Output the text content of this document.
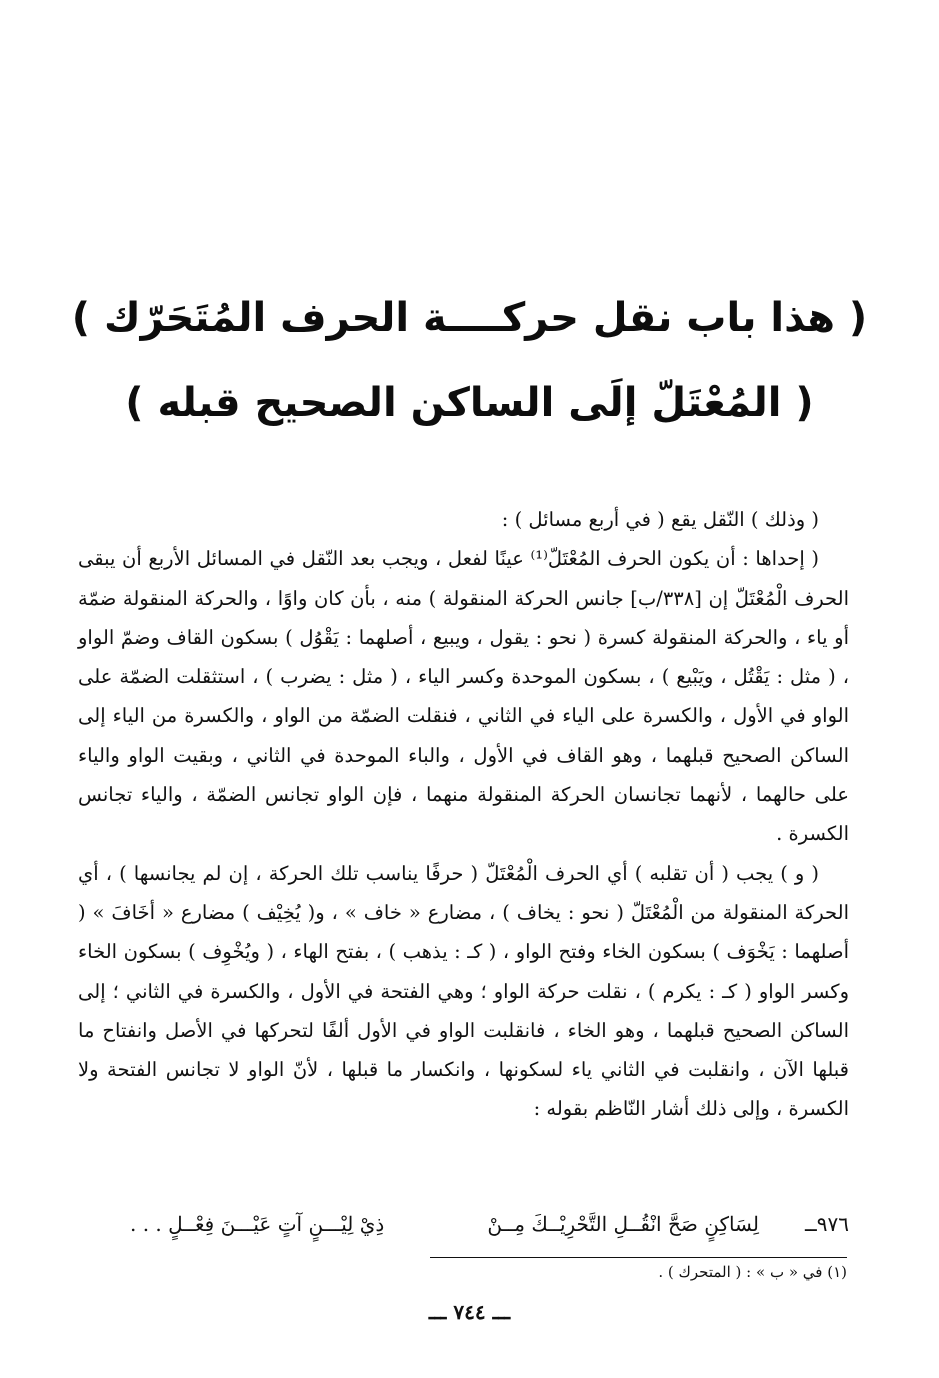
( هذا باب نقل حركــــة الحرف المُتَحَرّك )
( المُعْتَلّ إلَى الساكن الصحيح قبله )

( وذلك ) النّقل يقع ( في أربع مسائل ) :

( إحداها : أن يكون الحرف المُعْتَلّ⁽¹⁾ عينًا لفعل ، ويجب بعد النّقل في المسائل الأربع أن يبقى الحرف الْمُعْتَلّ إن [٣٣٨/ب] جانس الحركة المنقولة ) منه ، بأن كان واوًا ، والحركة المنقولة ضمّة أو ياء ، والحركة المنقولة كسرة ( نحو : يقول ، ويبيع ، أصلهما : يَقْوُل ) بسكون القاف وضمّ الواو ، ( مثل : يَقْتُل ، ويَبْيع ) ، بسكون الموحدة وكسر الياء ، ( مثل : يضرب ) ، استثقلت الضمّة على الواو في الأول ، والكسرة على الياء في الثاني ، فنقلت الضمّة من الواو ، والكسرة من الياء إلى الساكن الصحيح قبلهما ، وهو القاف في الأول ، والباء الموحدة في الثاني ، وبقيت الواو والياء على حالهما ، لأنهما تجانسان الحركة المنقولة منهما ، فإن الواو تجانس الضمّة ، والياء تجانس الكسرة .

( و ) يجب ( أن تقلبه ) أي الحرف الْمُعْتَلّ ( حرفًا يناسب تلك الحركة ، إن لم يجانسها ) ، أي الحركة المنقولة من الْمُعْتَلّ ( نحو : يخاف ) ، مضارع « خاف » ، و( يُخِيْف ) مضارع « أخَافَ » ( أصلهما : يَخْوَف ) بسكون الخاء وفتح الواو ، ( كـ : يذهب ) ، بفتح الهاء ، ( ويُخْوِف ) بسكون الخاء وكسر الواو ( كـ : يكرم ) ، نقلت حركة الواو ؛ وهي الفتحة في الأول ، والكسرة في الثاني ؛ إلى الساكن الصحيح قبلهما ، وهو الخاء ، فانقلبت الواو في الأول ألفًا لتحركها في الأصل وانفتاح ما قبلها الآن ، وانقلبت في الثاني ياء لسكونها ، وانكسار ما قبلها ، لأنّ الواو لا تجانس الفتحة ولا الكسرة ، وإلى ذلك أشار النّاظم بقوله :

٩٧٦ــ
لِسَاكِنٍ صَحَّ انْقُــلِ التَّحْرِيْــكَ مِــنْ
ذِيْ لِيْـــنٍ آتٍ عَيْـــنَ فِعْــلٍ . . .
(١) في « ب » : ( المتحرك ) .
ـــ ٧٤٤ ـــ
